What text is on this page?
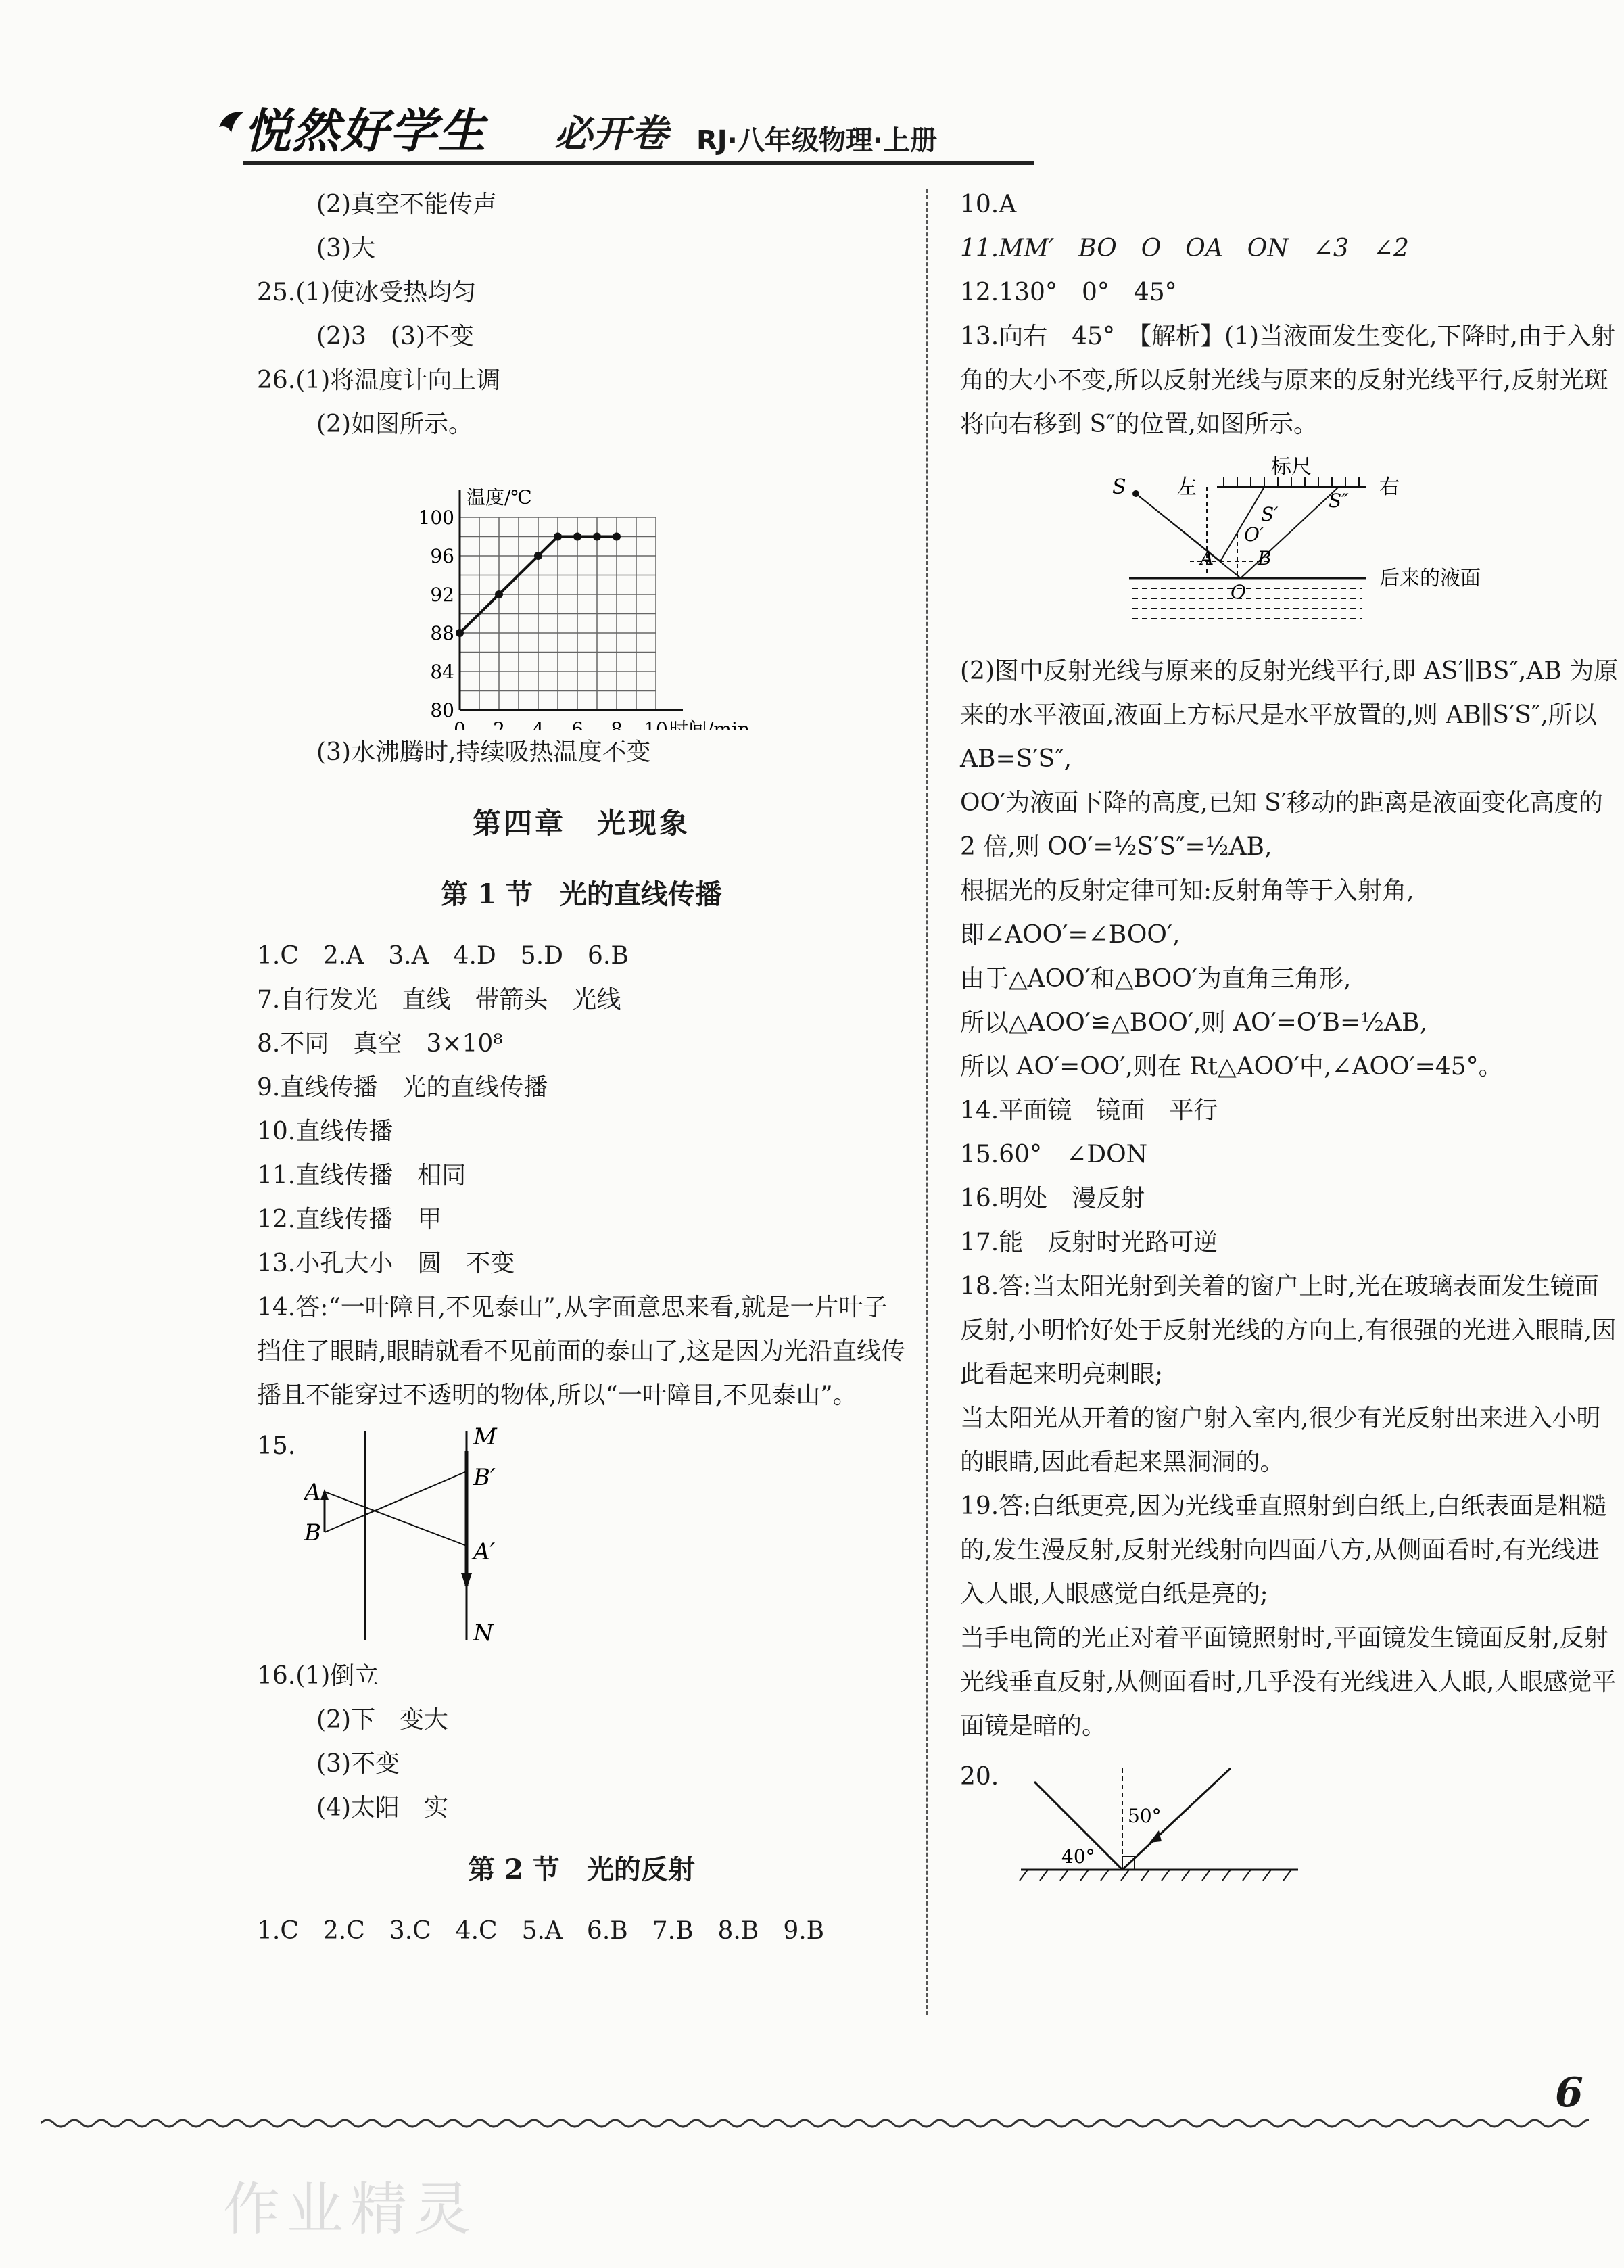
悦然好学生 必开卷 RJ·八年级物理·上册
(2)真空不能传声
(3)大
25.(1)使冰受热均匀
(2)3　(3)不变
26.(1)将温度计向上调
(2)如图所示。
温度/℃
时间/min
100
96
92
88
84
80
0 2 4 6 8 10
(3)水沸腾时,持续吸热温度不变
第四章　光现象
第 1 节　光的直线传播
1.C　2.A　3.A　4.D　5.D　6.B
7.自行发光　直线　带箭头　光线
8.不同　真空　3×10⁸
9.直线传播　光的直线传播
10.直线传播
11.直线传播　相同
12.直线传播　甲
13.小孔大小　圆　不变
14.答:“一叶障目,不见泰山”,从字面意思来看,就是一片叶子挡住了眼睛,眼睛就看不见前面的泰山了,这是因为光沿直线传播且不能穿过不透明的物体,所以“一叶障目,不见泰山”。
15.	M
N
A
B
B′
A′
16.(1)倒立
(2)下　变大
(3)不变
(4)太阳　实
第 2 节　光的反射
1.C　2.C　3.C　4.C　5.A　6.B　7.B　8.B　9.B
10.A
11.MM′　BO　O　OA　ON　∠3　∠2
12.130°　0°　45°
13.向右　45°　【解析】(1)当液面发生变化,下降时,由于入射角的大小不变,所以反射光线与原来的反射光线平行,反射光斑将向右移到 S″的位置,如图所示。
标尺
左	右
S
A B
O′
O
S′
S″
后来的液面
(2)图中反射光线与原来的反射光线平行,即 AS′∥BS″,AB 为原来的水平液面,液面上方标尺是水平放置的,则 AB∥S′S″,所以 AB=S′S″,
OO′为液面下降的高度,已知 S′移动的距离是液面变化高度的 2 倍,则 OO′=½S′S″=½AB,
根据光的反射定律可知:反射角等于入射角,
即∠AOO′=∠BOO′,
由于△AOO′和△BOO′为直角三角形,
所以△AOO′≌△BOO′,则 AO′=O′B=½AB,
所以 AO′=OO′,则在 Rt△AOO′中,∠AOO′=45°。
14.平面镜　镜面　平行
15.60°　∠DON
16.明处　漫反射
17.能　反射时光路可逆
18.答:当太阳光射到关着的窗户上时,光在玻璃表面发生镜面反射,小明恰好处于反射光线的方向上,有很强的光进入眼睛,因此看起来明亮刺眼;
当太阳光从开着的窗户射入室内,很少有光反射出来进入小明的眼睛,因此看起来黑洞洞的。
19.答:白纸更亮,因为光线垂直照射到白纸上,白纸表面是粗糙的,发生漫反射,反射光线射向四面八方,从侧面看时,有光线进入人眼,人眼感觉白纸是亮的;
当手电筒的光正对着平面镜照射时,平面镜发生镜面反射,反射光线垂直反射,从侧面看时,几乎没有光线进入人眼,人眼感觉平面镜是暗的。
20.
40°
50°
6
作业精灵
